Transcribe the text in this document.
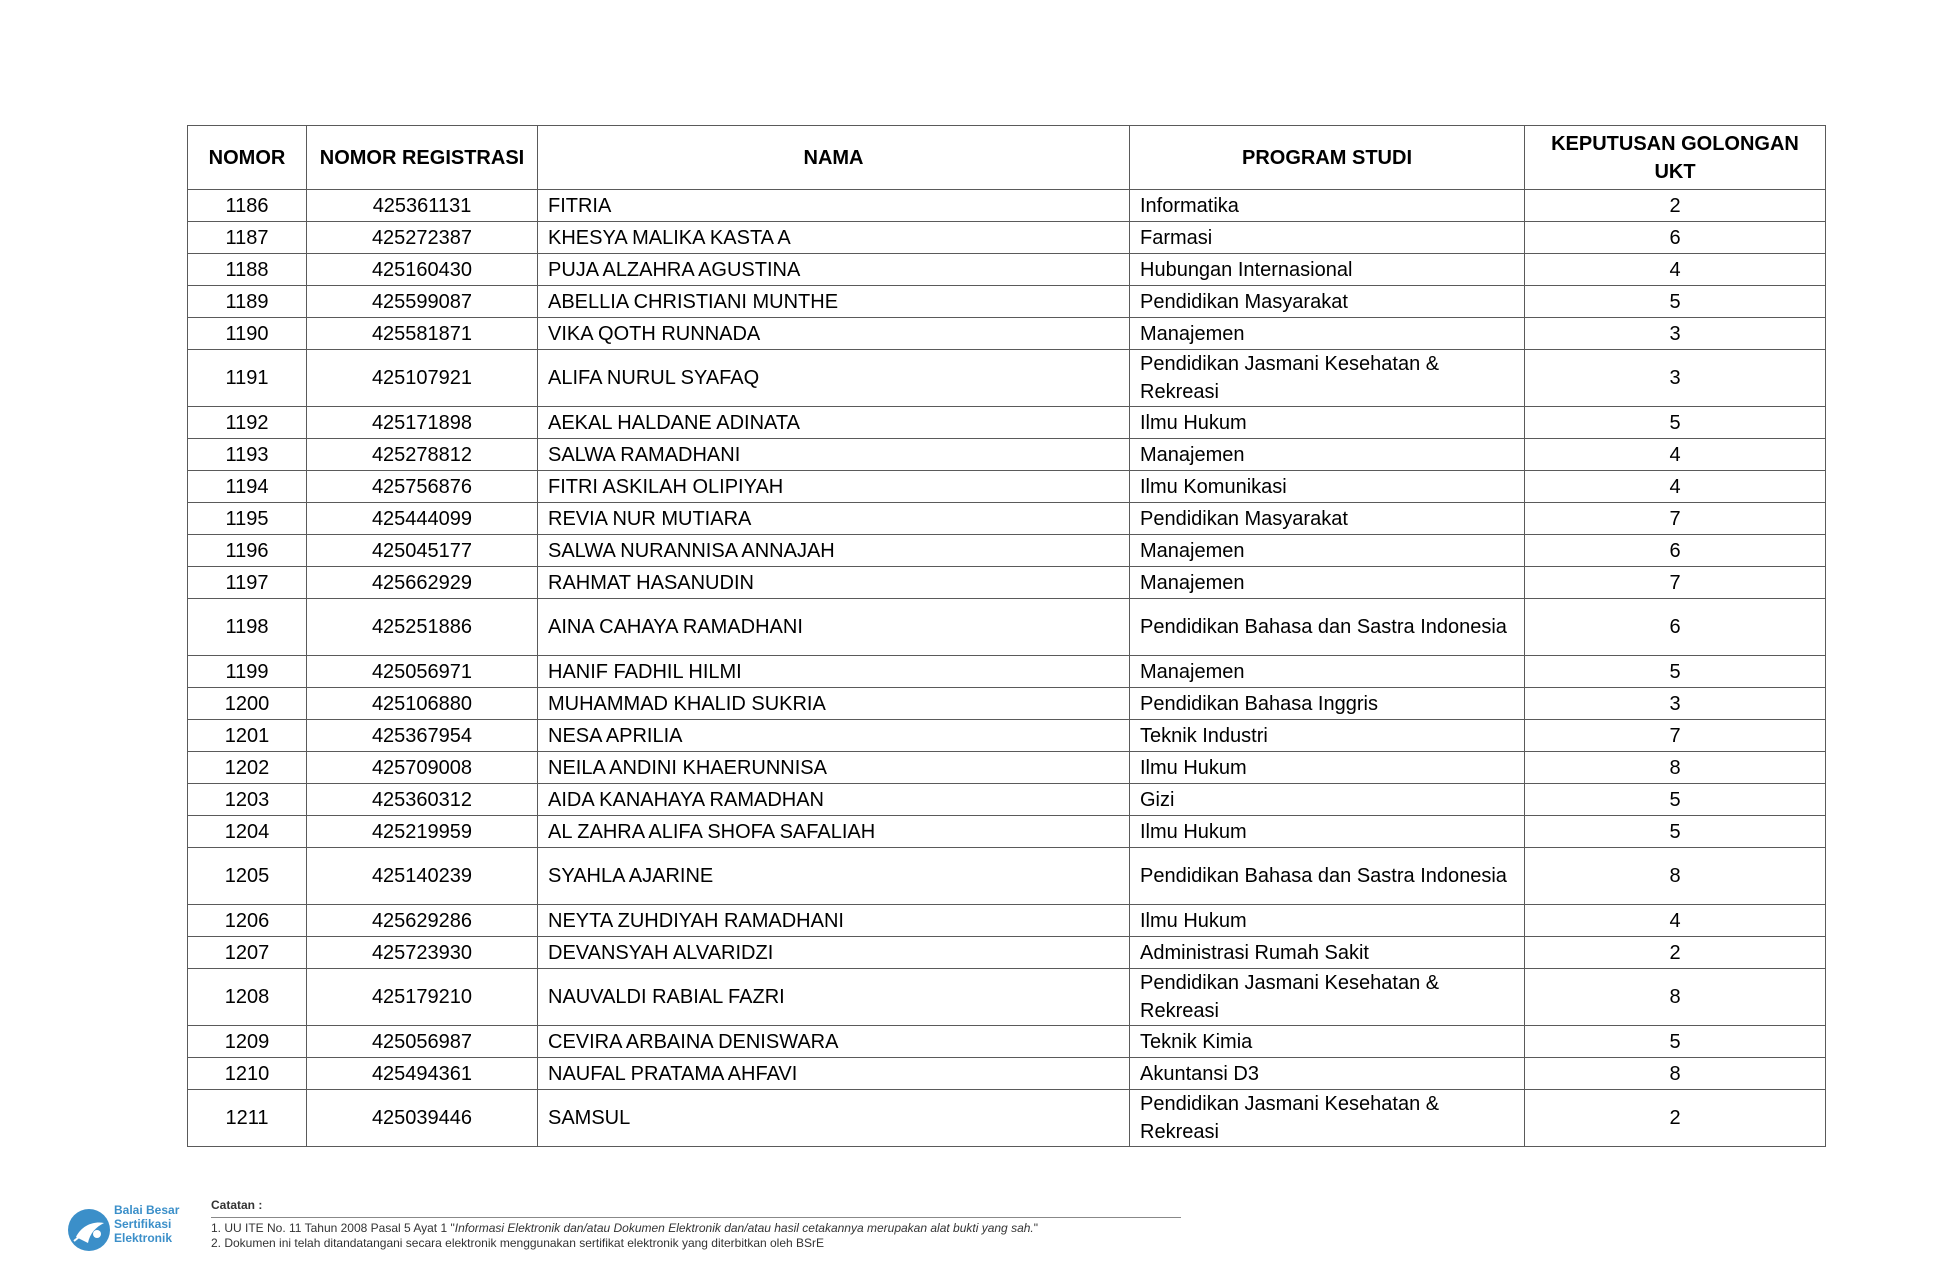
NOMOR	NOMOR REGISTRASI	NAMA	PROGRAM STUDI	KEPUTUSAN GOLONGAN UKT
1186	425361131	FITRIA	Informatika	2
1187	425272387	KHESYA MALIKA KASTA A	Farmasi	6
1188	425160430	PUJA ALZAHRA AGUSTINA	Hubungan Internasional	4
1189	425599087	ABELLIA CHRISTIANI MUNTHE	Pendidikan Masyarakat	5
1190	425581871	VIKA QOTH RUNNADA	Manajemen	3
1191	425107921	ALIFA NURUL SYAFAQ	Pendidikan Jasmani Kesehatan & Rekreasi	3
1192	425171898	AEKAL HALDANE ADINATA	Ilmu Hukum	5
1193	425278812	SALWA RAMADHANI	Manajemen	4
1194	425756876	FITRI ASKILAH OLIPIYAH	Ilmu Komunikasi	4
1195	425444099	REVIA NUR MUTIARA	Pendidikan Masyarakat	7
1196	425045177	SALWA NURANNISA ANNAJAH	Manajemen	6
1197	425662929	RAHMAT HASANUDIN	Manajemen	7
1198	425251886	AINA CAHAYA RAMADHANI	Pendidikan Bahasa dan Sastra Indonesia	6
1199	425056971	HANIF FADHIL HILMI	Manajemen	5
1200	425106880	MUHAMMAD KHALID SUKRIA	Pendidikan Bahasa Inggris	3
1201	425367954	NESA APRILIA	Teknik Industri	7
1202	425709008	NEILA ANDINI KHAERUNNISA	Ilmu Hukum	8
1203	425360312	AIDA KANAHAYA RAMADHAN	Gizi	5
1204	425219959	AL ZAHRA ALIFA SHOFA SAFALIAH	Ilmu Hukum	5
1205	425140239	SYAHLA AJARINE	Pendidikan Bahasa dan Sastra Indonesia	8
1206	425629286	NEYTA ZUHDIYAH RAMADHANI	Ilmu Hukum	4
1207	425723930	DEVANSYAH ALVARIDZI	Administrasi Rumah Sakit	2
1208	425179210	NAUVALDI RABIAL FAZRI	Pendidikan Jasmani Kesehatan & Rekreasi	8
1209	425056987	CEVIRA ARBAINA DENISWARA	Teknik Kimia	5
1210	425494361	NAUFAL PRATAMA AHFAVI	Akuntansi D3	8
1211	425039446	SAMSUL	Pendidikan Jasmani Kesehatan & Rekreasi	2
Balai Besar
Sertifikasi
Elektronik
Catatan :
1. UU ITE No. 11 Tahun 2008 Pasal 5 Ayat 1 "Informasi Elektronik dan/atau Dokumen Elektronik dan/atau hasil cetakannya merupakan alat bukti yang sah."
2. Dokumen ini telah ditandatangani secara elektronik menggunakan sertifikat elektronik yang diterbitkan oleh BSrE
